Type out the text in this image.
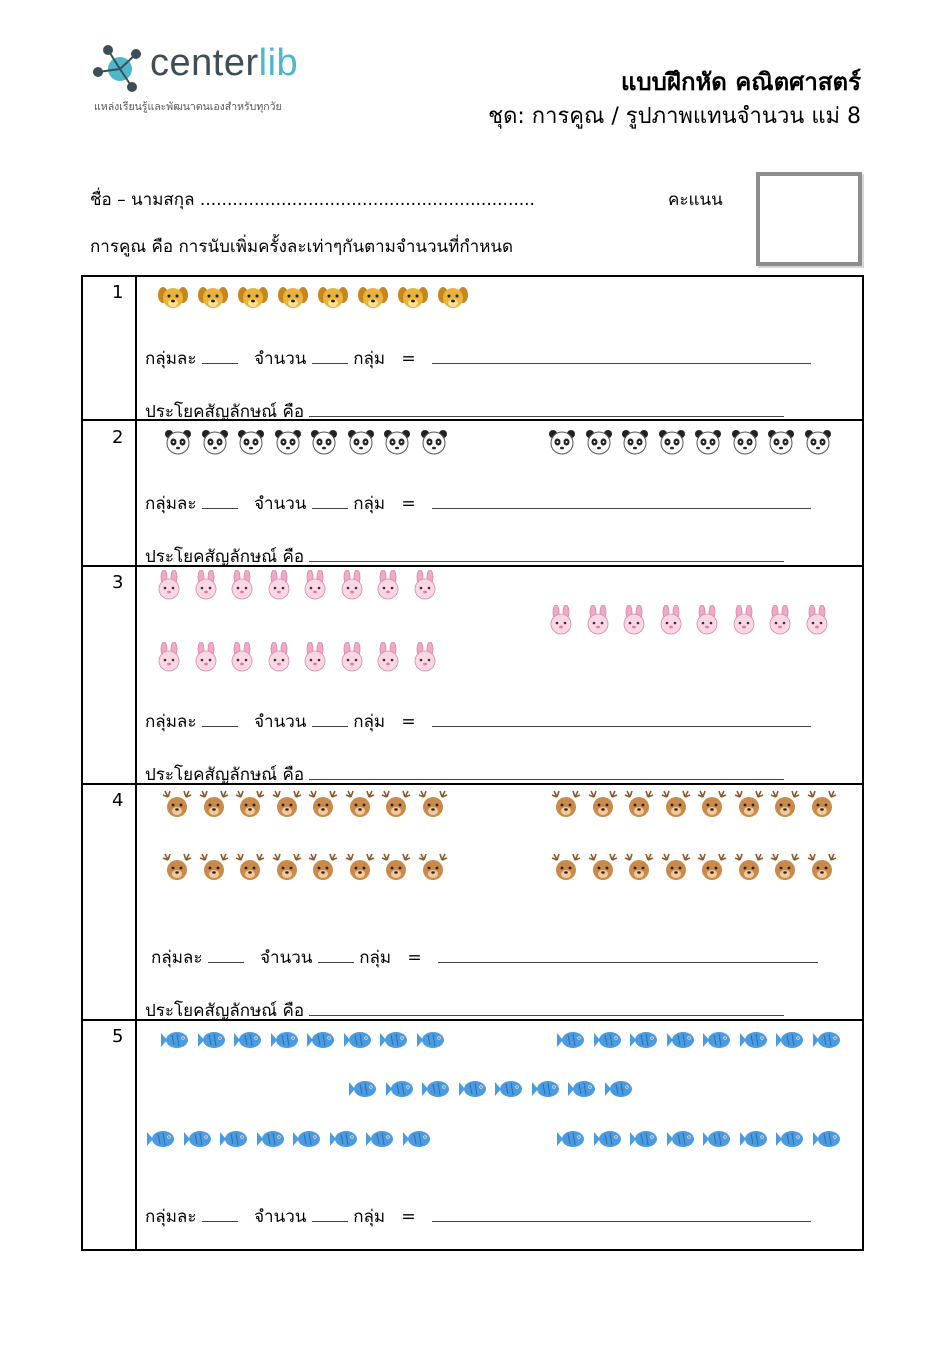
centerlib
แหล่งเรียนรู้และพัฒนาตนเองสำหรับทุกวัย
แบบฝึกหัด คณิตศาสตร์
ชุด: การคูณ / รูปภาพแทนจำนวน แม่ 8
ชื่อ – นามสกุล ..............................................................	คะแนน
การคูณ คือ การนับเพิ่มครั้งละเท่าๆกันตามจำนวนที่กำหนด
1
กลุ่มละ	จำนวน	กลุ่ม =
ประโยคสัญลักษณ์ คือ
2
กลุ่มละ	จำนวน	กลุ่ม =
ประโยคสัญลักษณ์ คือ
3
กลุ่มละ	จำนวน	กลุ่ม =
ประโยคสัญลักษณ์ คือ
4
กลุ่มละ	จำนวน	กลุ่ม =
ประโยคสัญลักษณ์ คือ
5
กลุ่มละ	จำนวน	กลุ่ม =
